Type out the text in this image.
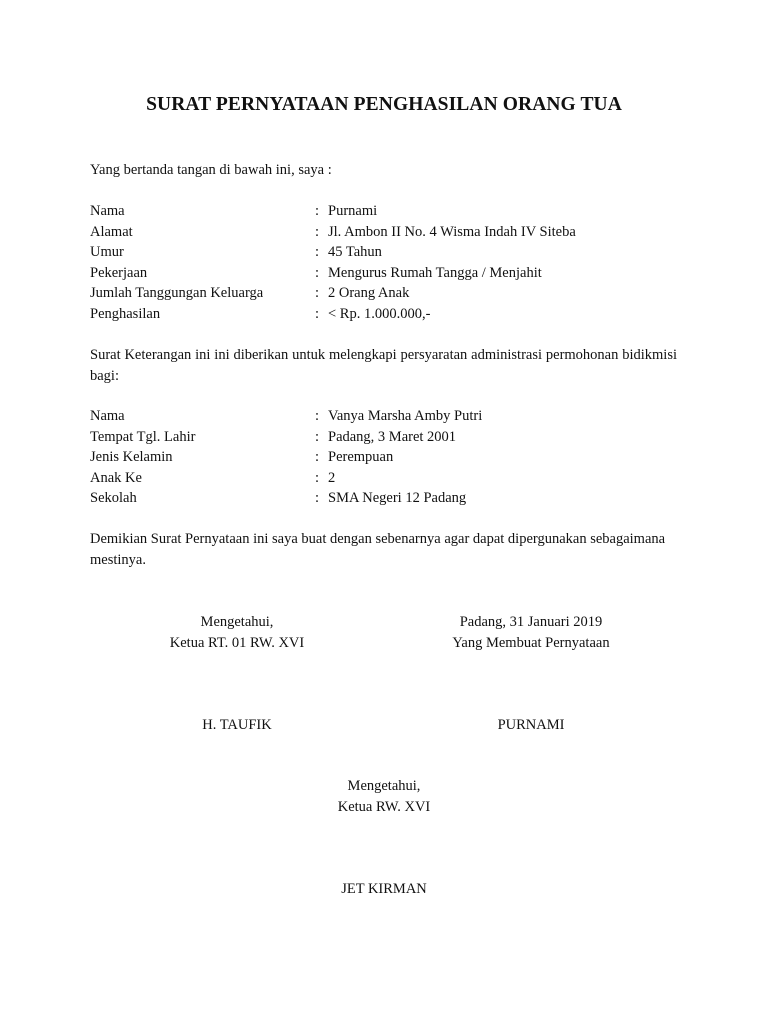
SURAT PERNYATAAN PENGHASILAN ORANG TUA
Yang bertanda tangan di bawah ini, saya :
Nama	: Purnami
Alamat	: Jl. Ambon II No. 4 Wisma Indah IV Siteba
Umur	: 45 Tahun
Pekerjaan	: Mengurus Rumah Tangga / Menjahit
Jumlah Tanggungan Keluarga	: 2 Orang Anak
Penghasilan	: < Rp. 1.000.000,-
Surat Keterangan ini ini diberikan untuk melengkapi persyaratan administrasi permohonan bidikmisi bagi:
Nama	: Vanya Marsha Amby Putri
Tempat Tgl. Lahir	: Padang, 3 Maret 2001
Jenis Kelamin	: Perempuan
Anak Ke	: 2
Sekolah	: SMA Negeri 12 Padang
Demikian Surat Pernyataan ini saya buat dengan sebenarnya agar dapat dipergunakan sebagaimana mestinya.
Mengetahui,
Ketua RT. 01 RW. XVI
H. TAUFIK
Padang, 31 Januari 2019
Yang Membuat Pernyataan
PURNAMI
Mengetahui,
Ketua RW. XVI
JET KIRMAN
